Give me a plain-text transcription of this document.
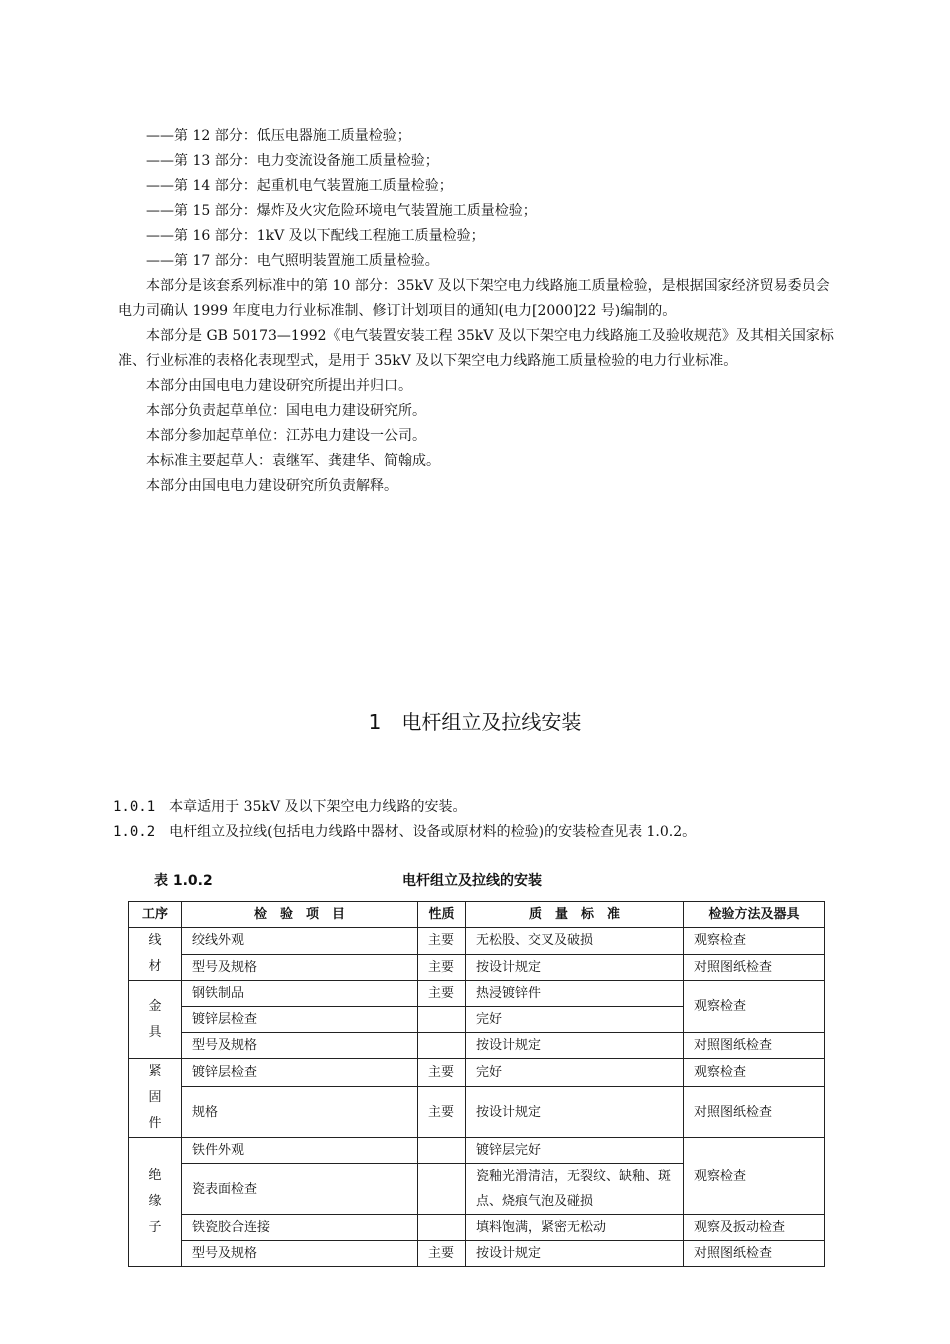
——第 12 部分：低压电器施工质量检验；
——第 13 部分：电力变流设备施工质量检验；
——第 14 部分：起重机电气装置施工质量检验；
——第 15 部分：爆炸及火灾危险环境电气装置施工质量检验；
——第 16 部分：1kV 及以下配线工程施工质量检验；
——第 17 部分：电气照明装置施工质量检验。

本部分是该套系列标准中的第 10 部分：35kV 及以下架空电力线路施工质量检验，是根据国家经济贸易委员会电力司确认 1999 年度电力行业标准制、修订计划项目的通知(电力[2000]22 号)编制的。

本部分是 GB 50173—1992《电气装置安装工程 35kV 及以下架空电力线路施工及验收规范》及其相关国家标准、行业标准的表格化表现型式，是用于 35kV 及以下架空电力线路施工质量检验的电力行业标准。

本部分由国电电力建设研究所提出并归口。

本部分负责起草单位：国电电力建设研究所。

本部分参加起草单位：江苏电力建设一公司。

本标准主要起草人：袁继军、龚建华、简翰成。

本部分由国电电力建设研究所负责解释。

1　电杆组立及拉线安装
1.0.1 本章适用于 35kV 及以下架空电力线路的安装。
1.0.2 电杆组立及拉线(包括电力线路中器材、设备或原材料的检验)的安装检查见表 1.0.2。
表 1.0.2	电杆组立及拉线的安装
工序	检　验　项　目	性质	质　量　标　准	检验方法及器具

线
材	绞线外观	主要	无松股、交叉及破损	观察检查
	型号及规格	主要	按设计规定	对照图纸检查

金
具	钢铁制品	主要	热浸镀锌件	观察检查
	镀锌层检查		完好	
	型号及规格		按设计规定	对照图纸检查

紧
固
件	镀锌层检查	主要	完好	观察检查
	规格	主要	按设计规定	对照图纸检查

绝
缘
子	铁件外观		镀锌层完好	观察检查
	瓷表面检查		瓷釉光滑清洁，无裂纹、缺釉、斑点、烧痕气泡及碰损	
	铁瓷胶合连接		填料饱满，紧密无松动	观察及扳动检查
	型号及规格	主要	按设计规定	对照图纸检查
